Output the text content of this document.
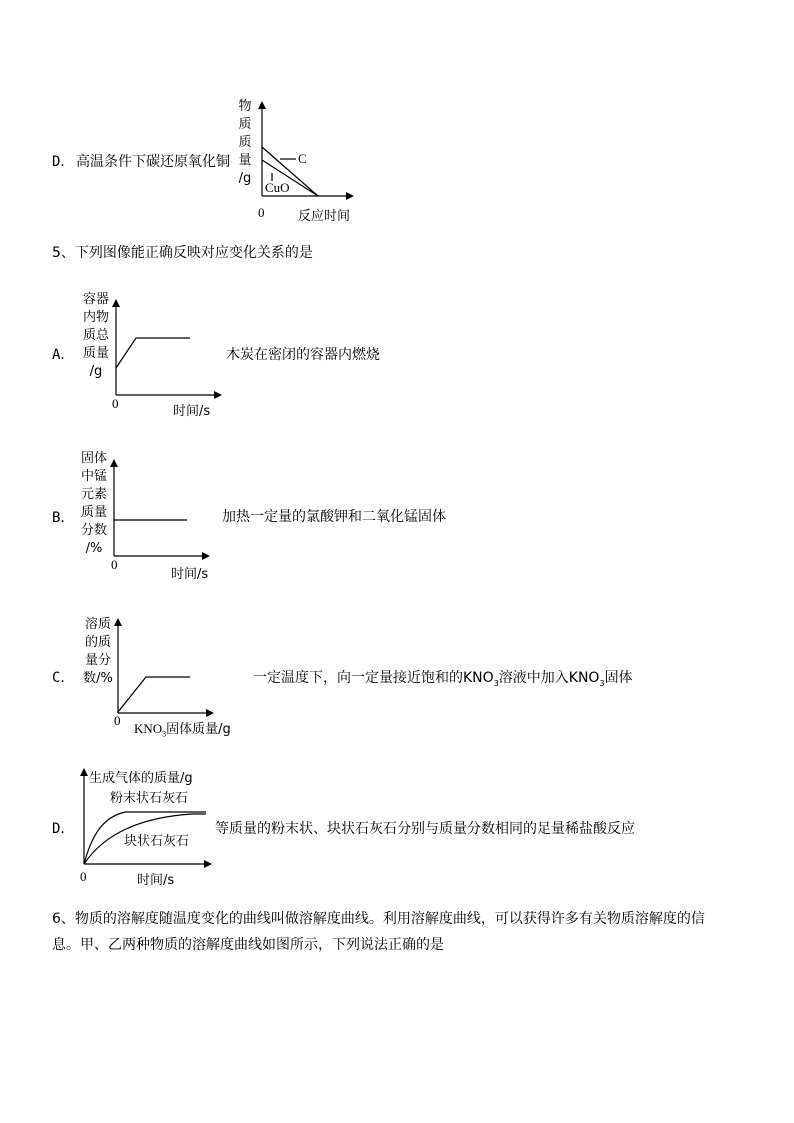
D． 高温条件下碳还原氧化铜
物
质
质
量
/g
C
CuO
0	反应时间
5、下列图像能正确反映对应变化关系的是
A．
容器
内物
质总
质量
/g
0
时间/s
木炭在密闭的容器内燃烧
B．
固体
中锰
元素
质量
分数
/%
0
时间/s
加热一定量的氯酸钾和二氧化锰固体
C．
溶质
的质
量分
数/%
0
$KNO_3$固体质量/g
一定温度下，向一定量接近饱和的$KNO_3$溶液中加入$KNO_3$固体
D．
生成气体的质量/g
粉末状石灰石
块状石灰石
0	时间/s
等质量的粉末状、块状石灰石分别与质量分数相同的足量稀盐酸反应
6、物质的溶解度随温度变化的曲线叫做溶解度曲线。利用溶解度曲线，可以获得许多有关物质溶解度的信
息。甲、乙两种物质的溶解度曲线如图所示，下列说法正确的是
